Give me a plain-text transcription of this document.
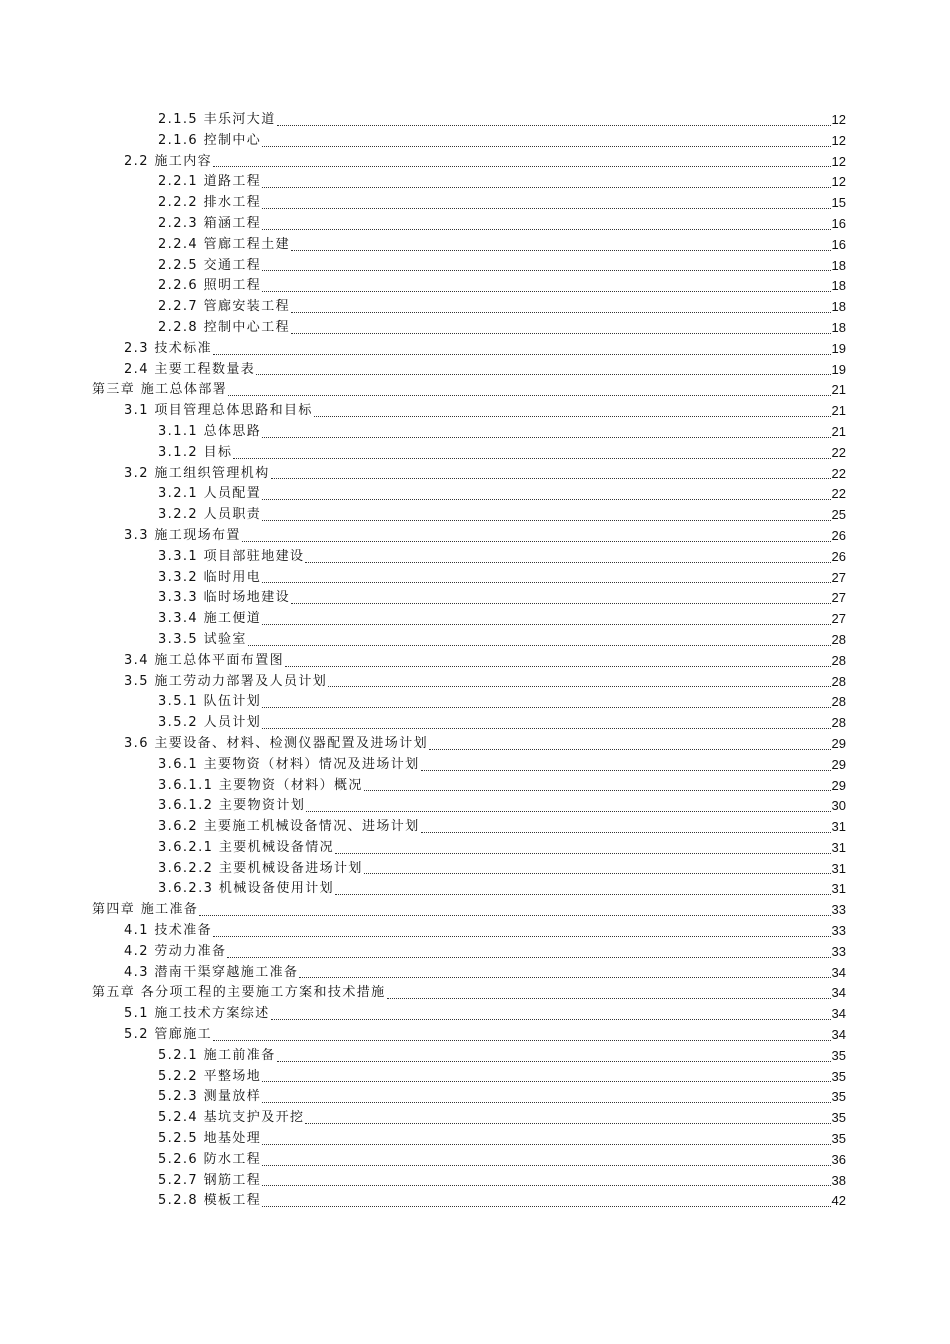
2.1.5 丰乐河大道	12
2.1.6 控制中心	12
2.2 施工内容	12
2.2.1 道路工程	12
2.2.2 排水工程	15
2.2.3 箱涵工程	16
2.2.4 管廊工程土建	16
2.2.5 交通工程	18
2.2.6 照明工程	18
2.2.7 管廊安装工程	18
2.2.8 控制中心工程	18
2.3 技术标准	19
2.4 主要工程数量表	19
第三章 施工总体部署	21
3.1 项目管理总体思路和目标	21
3.1.1 总体思路	21
3.1.2 目标	22
3.2 施工组织管理机构	22
3.2.1 人员配置	22
3.2.2 人员职责	25
3.3 施工现场布置	26
3.3.1 项目部驻地建设	26
3.3.2 临时用电	27
3.3.3 临时场地建设	27
3.3.4 施工便道	27
3.3.5 试验室	28
3.4 施工总体平面布置图	28
3.5 施工劳动力部署及人员计划	28
3.5.1 队伍计划	28
3.5.2 人员计划	28
3.6 主要设备、材料、检测仪器配置及进场计划	29
3.6.1 主要物资（材料）情况及进场计划	29
3.6.1.1 主要物资（材料）概况	29
3.6.1.2 主要物资计划	30
3.6.2 主要施工机械设备情况、进场计划	31
3.6.2.1 主要机械设备情况	31
3.6.2.2 主要机械设备进场计划	31
3.6.2.3 机械设备使用计划	31
第四章 施工准备	33
4.1 技术准备	33
4.2 劳动力准备	33
4.3 潜南干渠穿越施工准备	34
第五章 各分项工程的主要施工方案和技术措施	34
5.1 施工技术方案综述	34
5.2 管廊施工	34
5.2.1 施工前准备	35
5.2.2 平整场地	35
5.2.3 测量放样	35
5.2.4 基坑支护及开挖	35
5.2.5 地基处理	35
5.2.6 防水工程	36
5.2.7 钢筋工程	38
5.2.8 模板工程	42
